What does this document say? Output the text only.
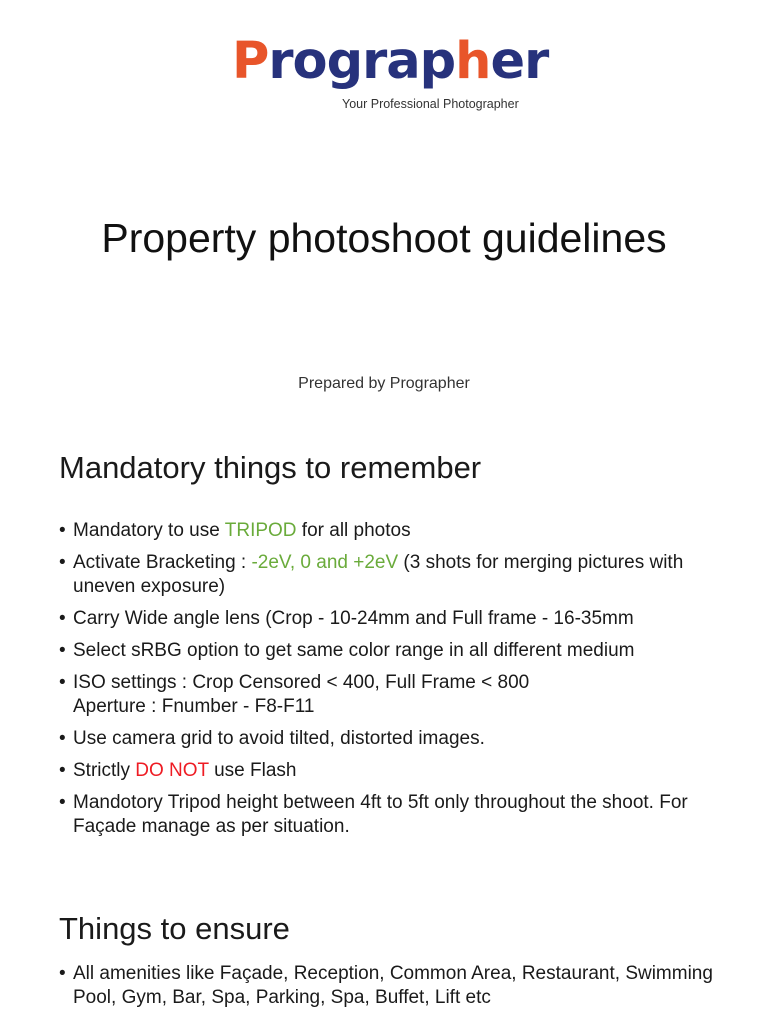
Prographer
Your Professional Photographer
Property photoshoot guidelines
Prepared by Prographer
Mandatory things to remember
• Mandatory to use TRIPOD for all photos
• Activate Bracketing : -2eV, 0 and +2eV (3 shots for merging pictures with uneven exposure)
• Carry Wide angle lens (Crop - 10-24mm and Full frame - 16-35mm
• Select sRBG option to get same color range in all different medium
• ISO settings : Crop Censored < 400, Full Frame < 800
Aperture : Fnumber - F8-F11
• Use camera grid to avoid tilted, distorted images.
• Strictly DO NOT use Flash
• Mandotory Tripod height between 4ft to 5ft only throughout the shoot. For Façade manage as per situation.
Things to ensure
• All amenities like Façade, Reception, Common Area, Restaurant, Swimming Pool, Gym, Bar, Spa, Parking, Spa, Buffet, Lift etc
